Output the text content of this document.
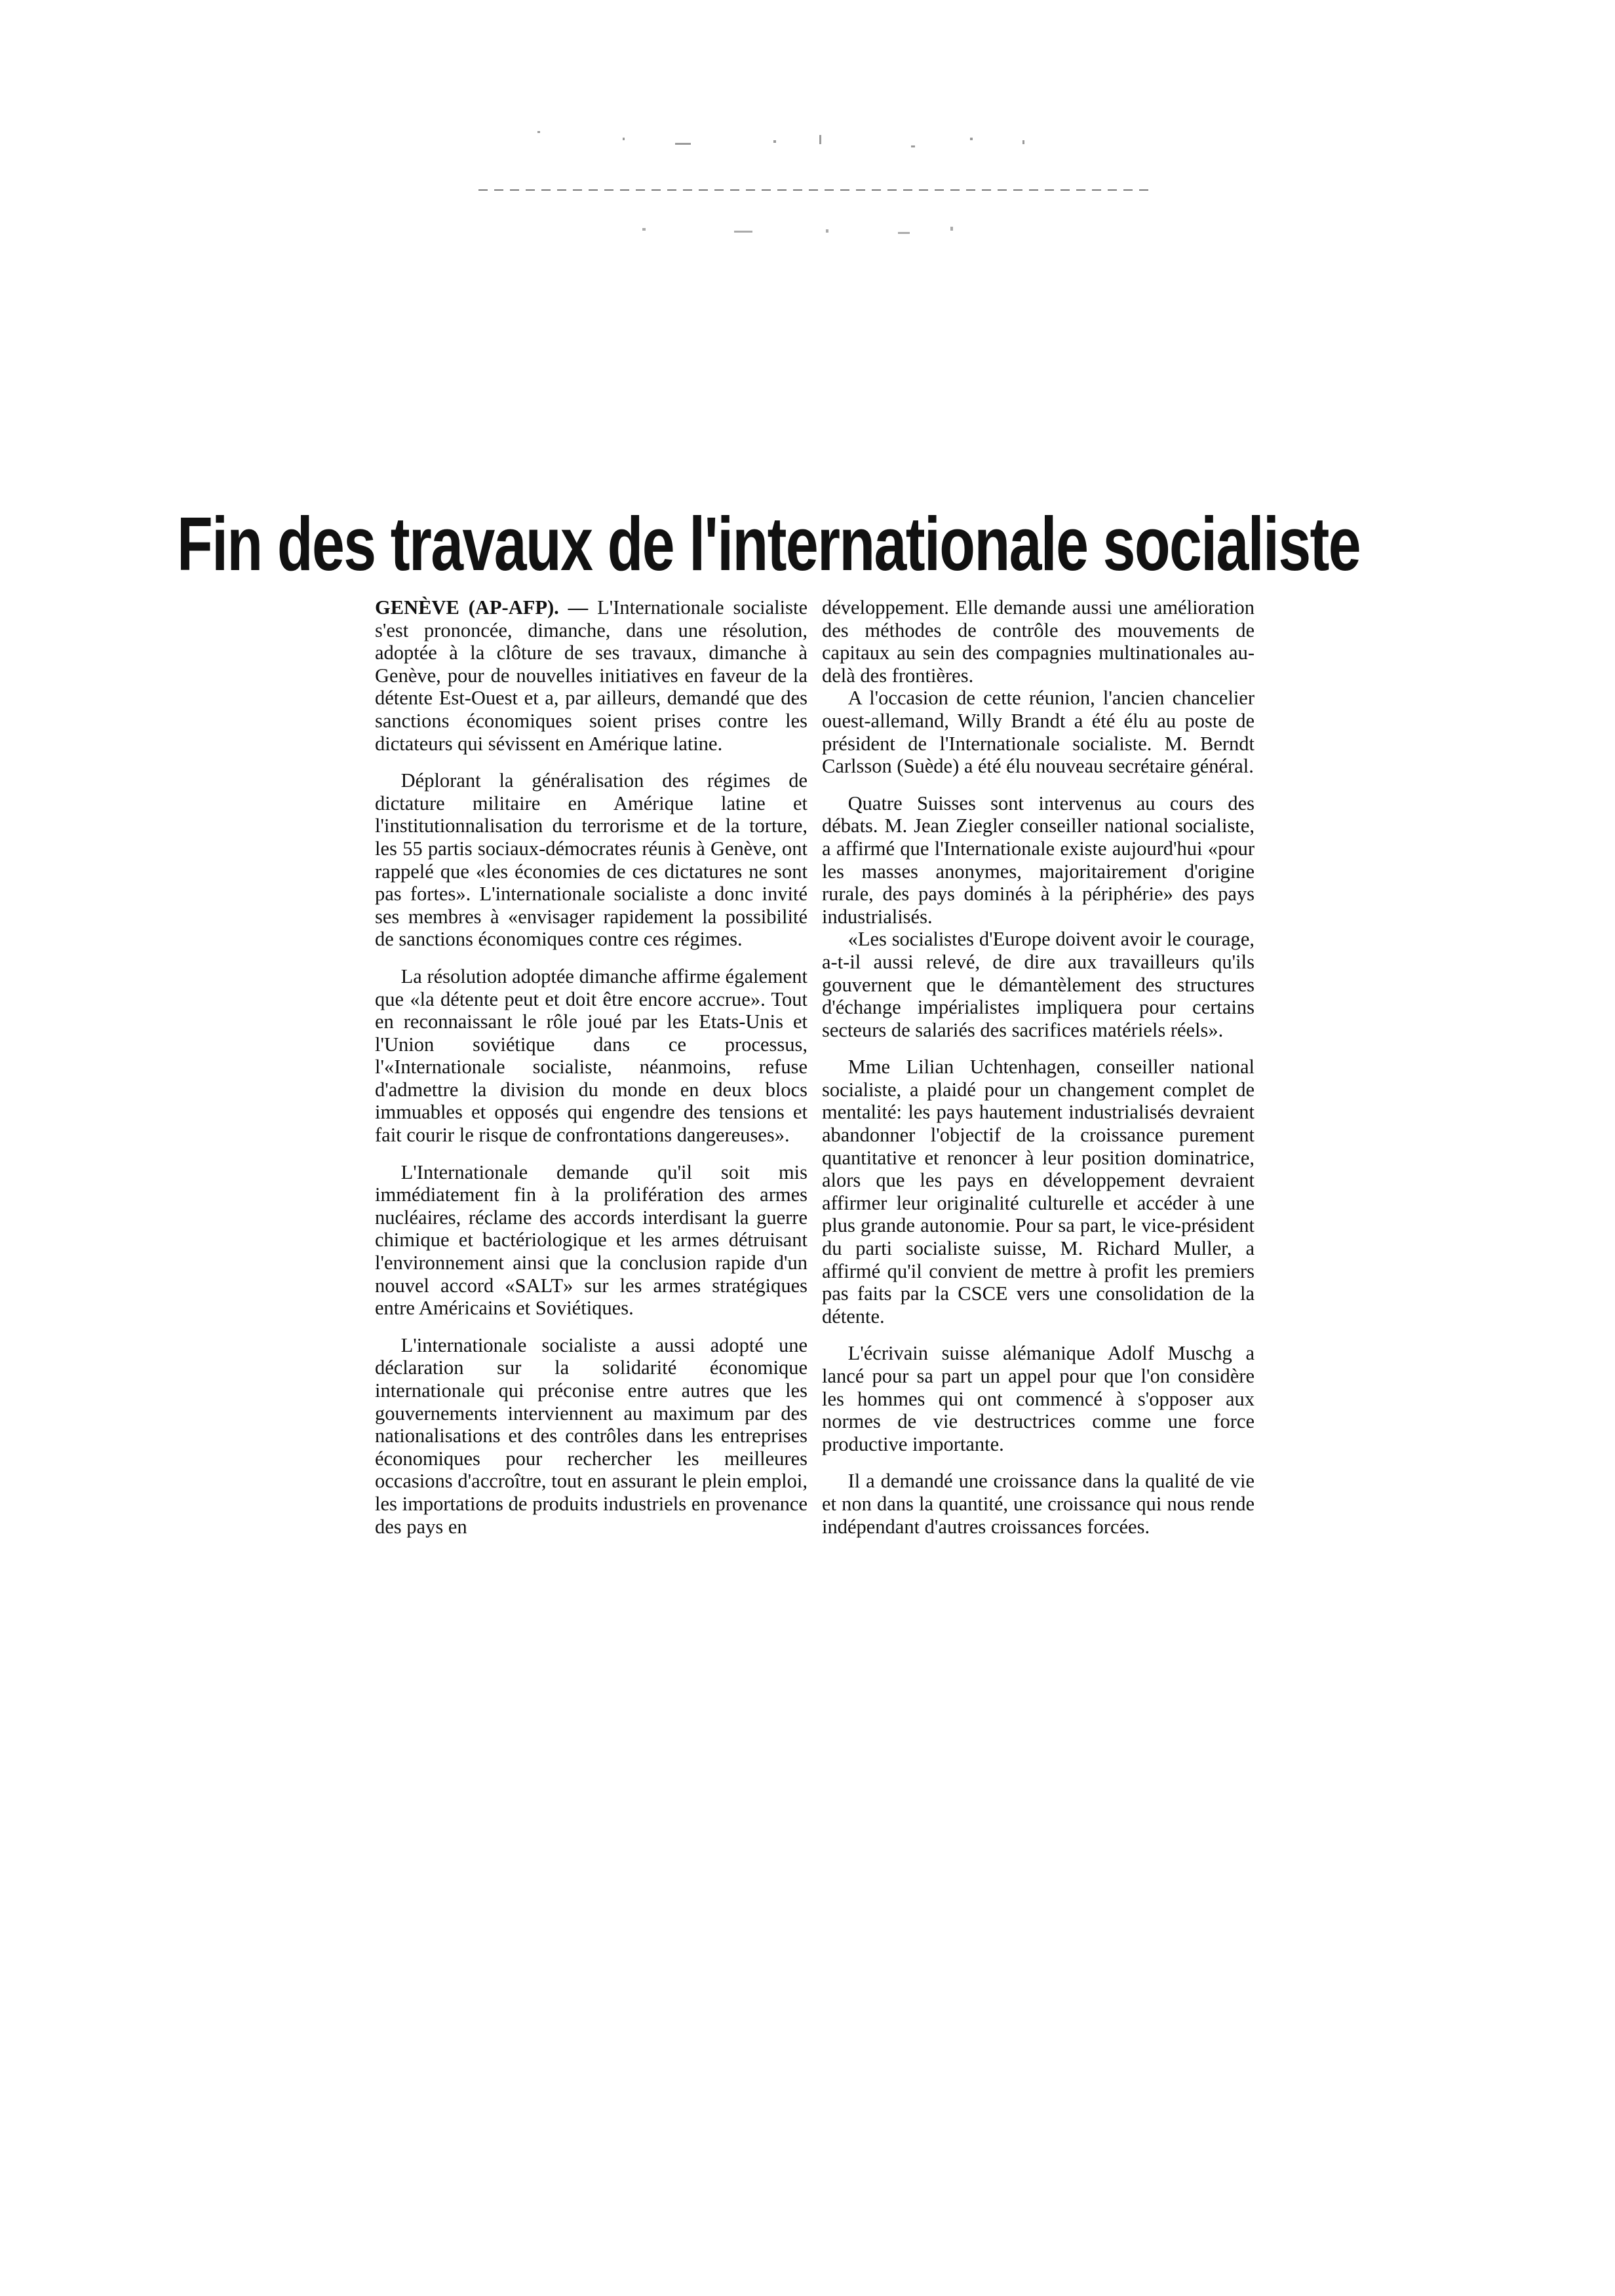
Fin des travaux de l'internationale socialiste

GENÈVE (AP-AFP). — L'Internationale socialiste s'est prononcée, dimanche, dans une résolution, adoptée à la clôture de ses travaux, dimanche à Genève, pour de nouvelles initiatives en faveur de la détente Est-Ouest et a, par ailleurs, demandé que des sanctions économiques soient prises contre les dictateurs qui sévissent en Amérique latine.

Déplorant la généralisation des régimes de dictature militaire en Amérique latine et l'institutionnalisation du terrorisme et de la torture, les 55 partis sociaux-démocrates réunis à Genève, ont rappelé que «les économies de ces dictatures ne sont pas fortes». L'internationale socialiste a donc invité ses membres à «envisager rapidement la possibilité de sanctions économiques contre ces régimes.

La résolution adoptée dimanche affirme également que «la détente peut et doit être encore accrue». Tout en reconnaissant le rôle joué par les Etats-Unis et l'Union soviétique dans ce processus, l'«Internationale socialiste, néanmoins, refuse d'admettre la division du monde en deux blocs immuables et opposés qui engendre des tensions et fait courir le risque de confrontations dangereuses».

L'Internationale demande qu'il soit mis immédiatement fin à la prolifération des armes nucléaires, réclame des accords interdisant la guerre chimique et bactériologique et les armes détruisant l'environnement ainsi que la conclusion rapide d'un nouvel accord «SALT» sur les armes stratégiques entre Américains et Soviétiques.

L'internationale socialiste a aussi adopté une déclaration sur la solidarité économique internationale qui préconise entre autres que les gouvernements interviennent au maximum par des nationalisations et des contrôles dans les entreprises économiques pour rechercher les meilleures occasions d'accroître, tout en assurant le plein emploi, les importations de produits industriels en provenance des pays en

développement. Elle demande aussi une amélioration des méthodes de contrôle des mouvements de capitaux au sein des compagnies multinationales au-delà des frontières.

A l'occasion de cette réunion, l'ancien chancelier ouest-allemand, Willy Brandt a été élu au poste de président de l'Internationale socialiste. M. Berndt Carlsson (Suède) a été élu nouveau secrétaire général.

Quatre Suisses sont intervenus au cours des débats. M. Jean Ziegler conseiller national socialiste, a affirmé que l'Internationale existe aujourd'hui «pour les masses anonymes, majoritairement d'origine rurale, des pays dominés à la périphérie» des pays industrialisés.

«Les socialistes d'Europe doivent avoir le courage, a-t-il aussi relevé, de dire aux travailleurs qu'ils gouvernent que le démantèlement des structures d'échange impérialistes impliquera pour certains secteurs de salariés des sacrifices matériels réels».

Mme Lilian Uchtenhagen, conseiller national socialiste, a plaidé pour un changement complet de mentalité: les pays hautement industrialisés devraient abandonner l'objectif de la croissance purement quantitative et renoncer à leur position dominatrice, alors que les pays en développement devraient affirmer leur originalité culturelle et accéder à une plus grande autonomie. Pour sa part, le vice-président du parti socialiste suisse, M. Richard Muller, a affirmé qu'il convient de mettre à profit les premiers pas faits par la CSCE vers une consolidation de la détente.

L'écrivain suisse alémanique Adolf Muschg a lancé pour sa part un appel pour que l'on considère les hommes qui ont commencé à s'opposer aux normes de vie destructrices comme une force productive importante.

Il a demandé une croissance dans la qualité de vie et non dans la quantité, une croissance qui nous rende indépendant d'autres croissances forcées.
